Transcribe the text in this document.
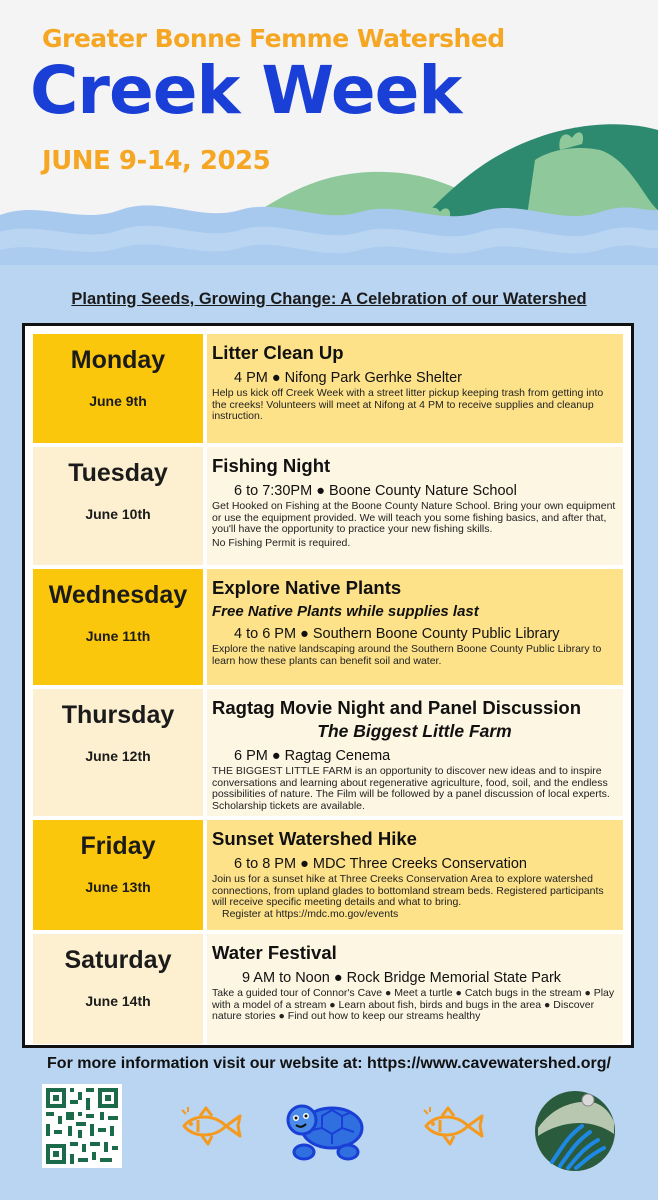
Greater Bonne Femme Watershed
Creek Week
JUNE 9-14, 2025
Planting Seeds, Growing Change: A Celebration of our Watershed
Monday
June 9th
Litter Clean Up
4 PM ● Nifong Park Gerhke Shelter
Help us kick off Creek Week with a street litter pickup keeping trash from getting into the creeks! Volunteers will meet at Nifong at 4 PM to receive supplies and cleanup instruction.
Tuesday
June 10th
Fishing Night
6 to 7:30PM ● Boone County Nature School
Get Hooked on Fishing at the Boone County Nature School. Bring your own equipment or use the equipment provided. We will teach you some fishing basics, and after that, you'll have the opportunity to practice your new fishing skills.
No Fishing Permit is required.
Wednesday
June 11th
Explore Native Plants
Free Native Plants while supplies last
4 to 6 PM ● Southern Boone County Public Library
Explore the native landscaping around the Southern Boone County Public Library to learn how these plants can benefit soil and water.
Thursday
June 12th
Ragtag Movie Night and Panel Discussion
The Biggest Little Farm
6 PM ● Ragtag Cenema
THE BIGGEST LITTLE FARM is an opportunity to discover new ideas and to inspire conversations and learning about regenerative agriculture, food, soil, and the endless possibilities of nature. The Film will be followed by a panel discussion of local experts. Scholarship tickets are available.
Friday
June 13th
Sunset Watershed Hike
6 to 8 PM ● MDC Three Creeks Conservation
Join us for a sunset hike at Three Creeks Conservation Area to explore watershed connections, from upland glades to bottomland stream beds. Registered participants will receive specific meeting details and what to bring.
Register at https://mdc.mo.gov/events
Saturday
June 14th
Water Festival
9 AM to Noon ● Rock Bridge Memorial State Park
Take a guided tour of Connor's Cave ● Meet a turtle ● Catch bugs in the stream ● Play with a model of a stream ● Learn about fish, birds and bugs in the area ● Discover nature stories ● Find out how to keep our streams healthy
For more information visit our website at: https://www.cavewatershed.org/
